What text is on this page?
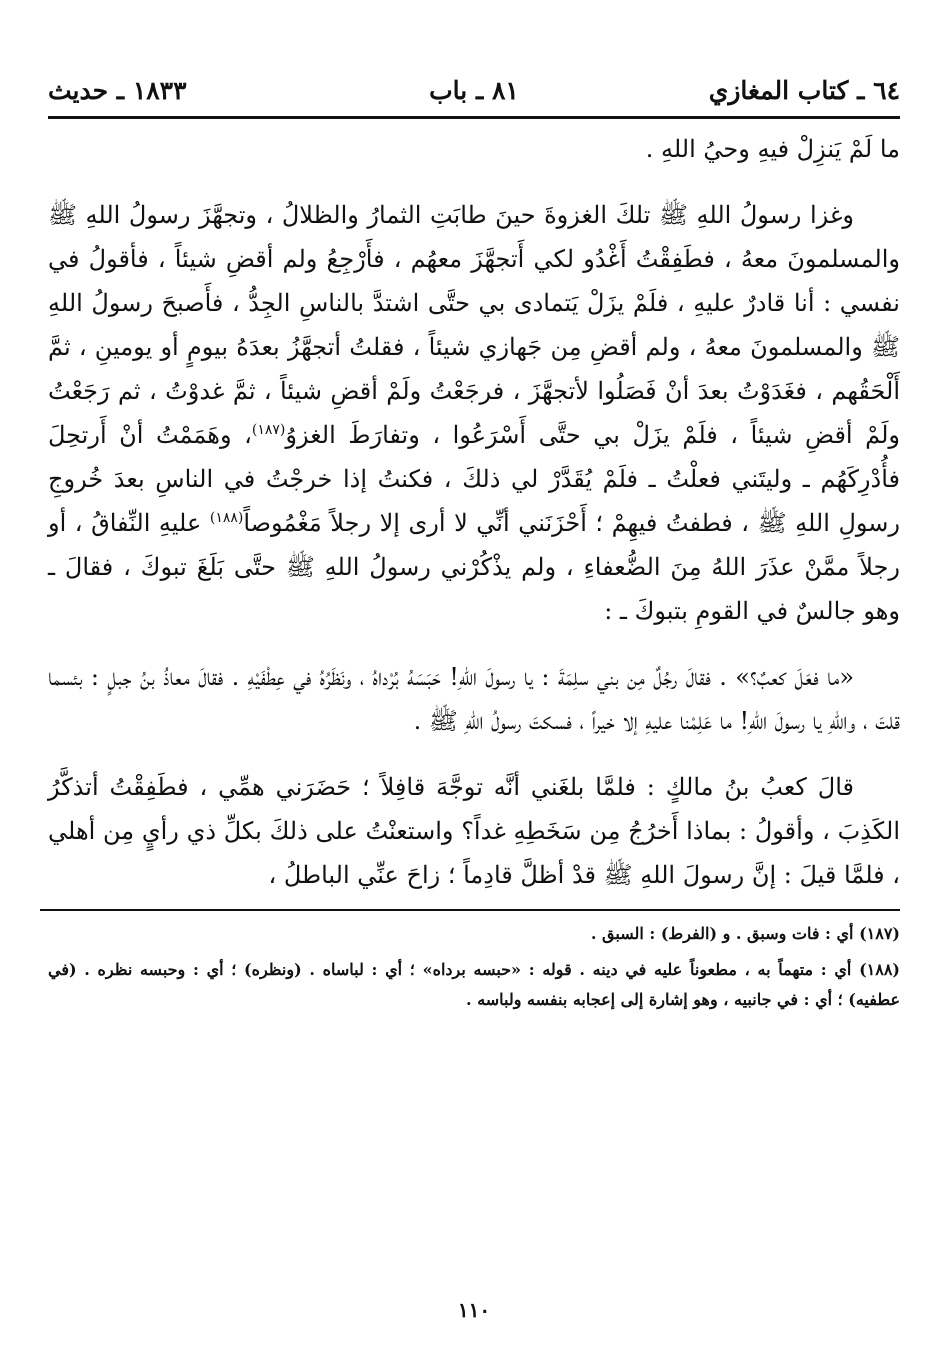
٦٤ ـ كتاب المغازي
٨١ ـ باب
١٨٣٣ ـ حديث

ما لَمْ يَنزِلْ فيهِ وحيُ اللهِ .

وغزا رسولُ اللهِ ﷺ تلكَ الغزوةَ حينَ طابَتِ الثمارُ والظلالُ ، وتجهَّزَ رسولُ اللهِ ﷺ والمسلمونَ معهُ ، فطَفِقْتُ أَغْدُو لكي أَتجهَّزَ معهُم ، فأَرْجِعُ ولم أقضِ شيئاً ، فأقولُ في نفسي : أنا قادرٌ عليهِ ، فلَمْ يزَلْ يَتمادى بي حتَّى اشتدَّ بالناسِ الجِدُّ ، فأَصبحَ رسولُ اللهِ ﷺ والمسلمونَ معهُ ، ولم أقضِ مِن جَهازي شيئاً ، فقلتُ أتجهَّزُ بعدَهُ بيومٍ أو يومينِ ، ثمَّ أَلْحَقُهم ، فغَدَوْتُ بعدَ أنْ فَصَلُوا لأتجهَّزَ ، فرجَعْتُ ولَمْ أقضِ شيئاً ، ثمَّ غدوْتُ ، ثم رَجَعْتُ ولَمْ أقضِ شيئاً ، فلَمْ يزَلْ بي حتَّى أَسْرَعُوا ، وتفارَطَ الغزوُ$^{(١٨٧)}$، وهَمَمْتُ أنْ أَرتحِلَ فأُدْرِكَهُم ـ وليتَني فعلْتُ ـ فلَمْ يُقَدَّرْ لي ذلكَ ، فكنتُ إذا خرجْتُ في الناسِ بعدَ خُروجِ رسولِ اللهِ ﷺ ، فطفتُ فيهِمْ ؛ أَحْزَنَني أنِّي لا أرى إلا رجلاً مَغْمُوصاً$^{(١٨٨)}$ عليهِ النِّفاقُ ، أو رجلاً ممَّنْ عذَرَ اللهُ مِنَ الضُّعفاءِ ، ولم يذْكُرْني رسولُ اللهِ ﷺ حتَّى بَلَغَ تبوكَ ، فقالَ ـ وهو جالسٌ في القومِ بتبوكَ ـ :

«ما فعَلَ كعبٌ؟» . فقالَ رجُلٌ مِن بني سلِمَةَ : يا رسولَ اللهِ! حَبَسَهُ بُرْداهُ ، ونَظَرُهُ في عِطْفَيْهِ . فقالَ معاذُ بنُ جبلٍ : بئسما قلتَ ، واللهِ يا رسولَ اللهِ! ما عَلِمْنا عليهِ إلا خيراً ، فسكتَ رسولُ اللهِ ﷺ .

قالَ كعبُ بنُ مالكٍ : فلمَّا بلغَني أنَّه توجَّهَ قافِلاً ؛ حَضَرَني همِّي ، فطَفِقْتُ أتذكَّرُ الكَذِبَ ، وأقولُ : بماذا أَخرُجُ مِن سَخَطِهِ غداً؟ واستعنْتُ على ذلكَ بكلِّ ذي رأيٍ مِن أهلي ، فلمَّا قيلَ : إنَّ رسولَ اللهِ ﷺ قدْ أظلَّ قادِماً ؛ زاحَ عنِّي الباطلُ ،

(١٨٧) أي : فات وسبق . و (الفرط) : السبق .

(١٨٨) أي : متهماً به ، مطعوناً عليه في دينه . قوله : «حبسه برداه» ؛ أي : لباساه . (ونظره) ؛ أي : وحبسه نظره . (في عطفيه) ؛ أي : في جانبيه ، وهو إشارة إلى إعجابه بنفسه ولباسه .

١١٠
